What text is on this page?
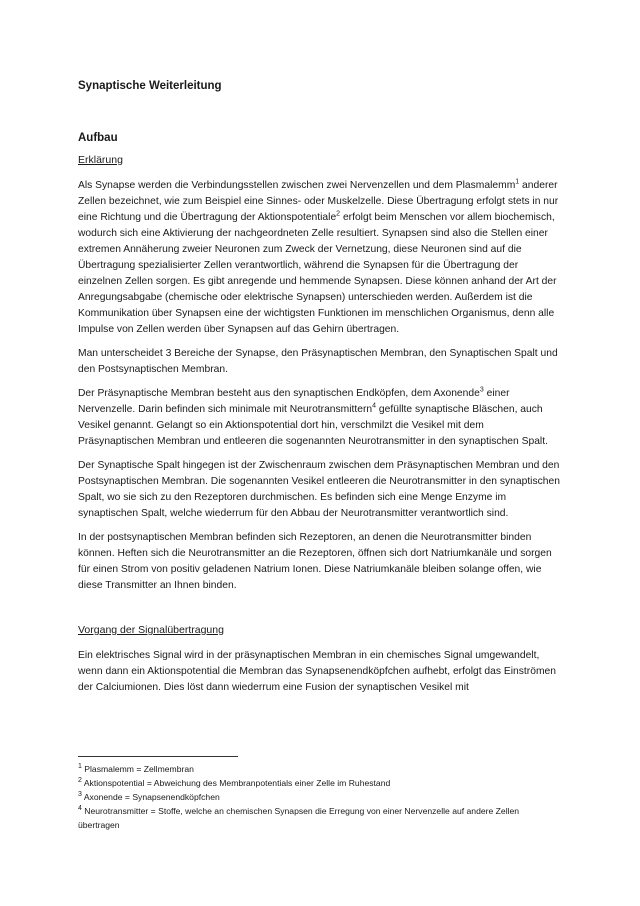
Synaptische Weiterleitung
Aufbau
Erklärung

Als Synapse werden die Verbindungsstellen zwischen zwei Nervenzellen und dem Plasmalemm$^1$ anderer Zellen bezeichnet, wie zum Beispiel eine Sinnes- oder Muskelzelle. Diese Übertragung erfolgt stets in nur eine Richtung und die Übertragung der Aktionspotentiale$^2$ erfolgt beim Menschen vor allem biochemisch, wodurch sich eine Aktivierung der nachgeordneten Zelle resultiert. Synapsen sind also die Stellen einer extremen Annäherung zweier Neuronen zum Zweck der Vernetzung, diese Neuronen sind auf die Übertragung spezialisierter Zellen verantwortlich, während die Synapsen für die Übertragung der einzelnen Zellen sorgen. Es gibt anregende und hemmende Synapsen. Diese können anhand der Art der Anregungsabgabe (chemische oder elektrische Synapsen) unterschieden werden. Außerdem ist die Kommunikation über Synapsen eine der wichtigsten Funktionen im menschlichen Organismus, denn alle Impulse von Zellen werden über Synapsen auf das Gehirn übertragen.

Man unterscheidet 3 Bereiche der Synapse, den Präsynaptischen Membran, den Synaptischen Spalt und den Postsynaptischen Membran.

Der Präsynaptische Membran besteht aus den synaptischen Endköpfen, dem Axonende$^3$ einer Nervenzelle. Darin befinden sich minimale mit Neurotransmittern$^4$ gefüllte synaptische Bläschen, auch Vesikel genannt. Gelangt so ein Aktionspotential dort hin, verschmilzt die Vesikel mit dem Präsynaptischen Membran und entleeren die sogenannten Neurotransmitter in den synaptischen Spalt.

Der Synaptische Spalt hingegen ist der Zwischenraum zwischen dem Präsynaptischen Membran und den Postsynaptischen Membran. Die sogenannten Vesikel entleeren die Neurotransmitter in den synaptischen Spalt, wo sie sich zu den Rezeptoren durchmischen. Es befinden sich eine Menge Enzyme im synaptischen Spalt, welche wiederrum für den Abbau der Neurotransmitter verantwortlich sind.

In der postsynaptischen Membran befinden sich Rezeptoren, an denen die Neurotransmitter binden können. Heften sich die Neurotransmitter an die Rezeptoren, öffnen sich dort Natriumkanäle und sorgen für einen Strom von positiv geladenen Natrium Ionen. Diese Natriumkanäle bleiben solange offen, wie diese Transmitter an Ihnen binden.

Vorgang der Signalübertragung

Ein elektrisches Signal wird in der präsynaptischen Membran in ein chemisches Signal umgewandelt, wenn dann ein Aktionspotential die Membran das Synapsenendköpfchen aufhebt, erfolgt das Einströmen der Calciumionen. Dies löst dann wiederrum eine Fusion der synaptischen Vesikel mit

$^1$ Plasmalemm = Zellmembran
$^2$ Aktionspotential = Abweichung des Membranpotentials einer Zelle im Ruhestand
$^3$ Axonende = Synapsenendköpfchen
$^4$ Neurotransmitter = Stoffe, welche an chemischen Synapsen die Erregung von einer Nervenzelle auf andere Zellen übertragen
